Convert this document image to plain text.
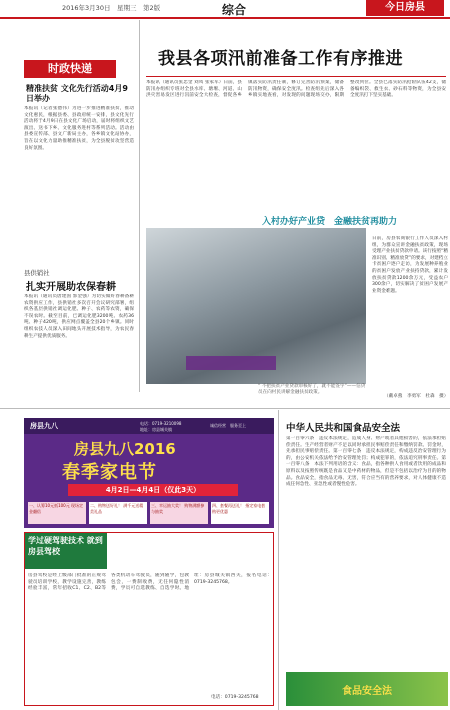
2016年3月30日　星期三　第2版	综合	今日房县
时政快递
精准扶贫 文化先行活动4月9日举办
本报讯（记者张德伟）为进一步推进精准扶贫，推动文化惠民，根据县委、县政府统一安排，县文化先行活动将于4月9日在县文化广场启动，届时将组织文艺演出、送书下乡、文化服务进村等系列活动。活动由县委宣传部、县文广新局主办，各乡镇文化站协办，旨在以文化力量助推精准扶贫，为全县脱贫攻坚营造良好氛围。
县供销社
扎实开展助农保春耕
本报讯（通讯员唐建国 郭金强）为切实做好春耕备耕农资供应工作，县供销社多次召开会议研究部署，组织各基层供销社调运化肥、种子、农药等农资，确保不误农时。截至目前，已调运化肥3200吨、农药36吨、种子420吨，供应网点覆盖全县20个乡镇。同时组织农技人员深入田间地头开展技术指导，为农民春耕生产提供优质服务。
我县各项汛前准备工作有序推进
本报讯（通讯员张忠金 刘凤 张家军）日前，县防汛办组织专班对全县水库、塘堰、河道、山洪灾害易发区进行汛前安全大检查，督促各乡镇落实防汛责任制，修订完善防汛预案，储备防汛物资，确保安全度汛。检查组先后深入各乡镇实地查看，对发现的问题现场交办，限期整改到位。全县已落实防汛抢险队伍42支，储备编织袋、救生衣、砂石料等物资，为全县安全度汛打下坚实基础。
入村办好产业贷　金融扶贫再助力
“ 不把扶贫产业贷款审核好了，就不能签字”——信贷员在向村民讲解金融扶贫政策。
日前，房县农商银行工作人员深入村组，为群众宣讲金融扶贫政策，现场受理产业扶贫贷款申请。该行按照“精准识别、精准放贷”的要求，对建档立卡贫困户逐户走访，为发展种养殖业的贫困户发放产业扶持贷款，累计发放扶贫贷款1200余万元，受益农户300余户，切实解决了贫困户发展产业资金难题。
（戴卓燕　李勇军　杜森　摄）
房县九八	电话：0719-3210098
地址：房县城关镇
诚信经营　服务至上
房县九八2016
春季家电节
4月2日—4月4日（仅此3天）
一、认筹10元抵100元 现场定金翻倍
二、购物送好礼！ 满千元送精美礼品
三、幸运抽大奖！ 购物满额参与抽奖
四、套餐再送礼！ 指定家电套购更优惠
学过硬驾驶技术 就到房县驾校
房县驾校是经上级部门批准的正规驾驶员培训学校，教学设施完善，教练经验丰富，常年招收C1、C2、B2等各类机动车驾驶员，随到随学，包教包会，一费制收费，无任何隐性消费，学员可自选教练、自选学时。地址：房县城关镇西关，报名电话：0719-3245768。
电话：0719-3245768
中华人民共和国食品安全法
第一百零六条　违反本法规定，造成人身、财产或者其他损害的，依法承担赔偿责任。生产经营者财产不足以同时承担民事赔偿责任和缴纳罚款、罚金时，先承担民事赔偿责任。第一百零七条　违反本法规定，构成违反治安管理行为的，由公安机关依法给予治安管理处罚；构成犯罪的，依法追究刑事责任。第一百零八条　本法下列用语的含义：食品，指各种供人食用或者饮用的成品和原料以及按照传统既是食品又是中药材的物品，但是不包括以治疗为目的的物品。食品安全，指食品无毒、无害，符合应当有的营养要求，对人体健康不造成任何急性、亚急性或者慢性危害。
食品安全法
